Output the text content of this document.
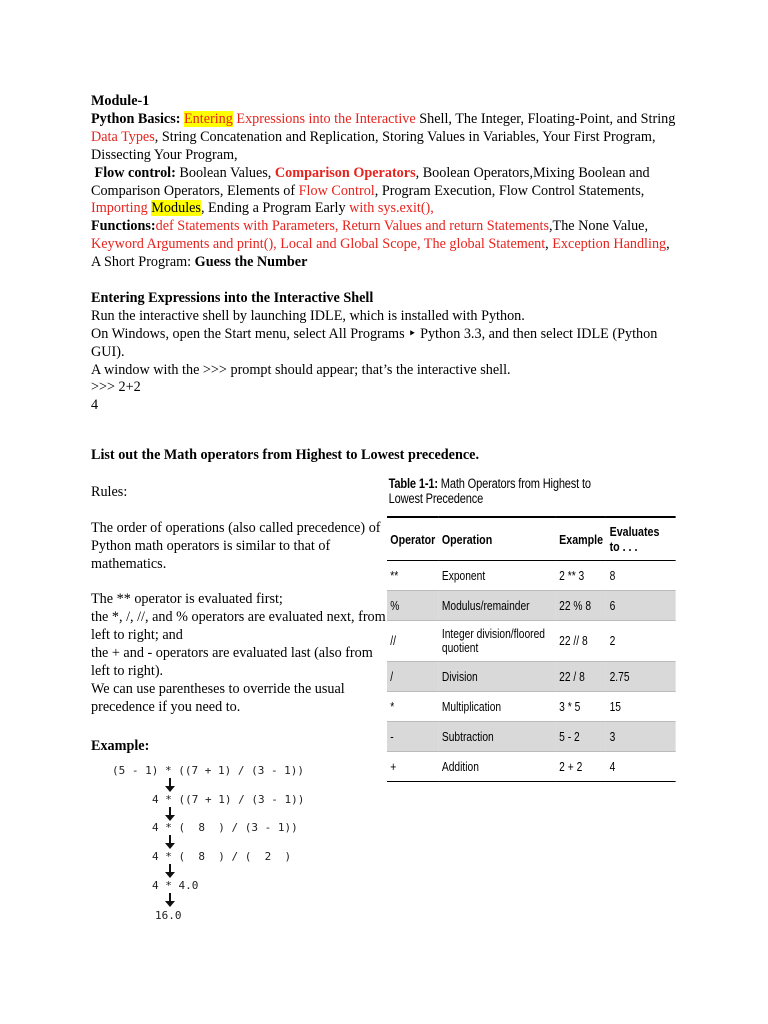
Module-1

Python Basics: Entering Expressions into the Interactive Shell, The Integer, Floating-Point, and String Data Types, String Concatenation and Replication, Storing Values in Variables, Your First Program, Dissecting Your Program,

Flow control: Boolean Values, Comparison Operators, Boolean Operators,Mixing Boolean and Comparison Operators, Elements of Flow Control, Program Execution, Flow Control Statements, Importing Modules, Ending a Program Early with sys.exit(),

Functions:def Statements with Parameters, Return Values and return Statements,The None Value, Keyword Arguments and print(), Local and Global Scope, The global Statement, Exception Handling, A Short Program: Guess the Number

Entering Expressions into the Interactive Shell

Run the interactive shell by launching IDLE, which is installed with Python.

On Windows, open the Start menu, select All Programs ‣ Python 3.3, and then select IDLE (Python GUI).

A window with the >>> prompt should appear; that’s the interactive shell.

>>> 2+2

4

List out the Math operators from Highest to Lowest precedence.

Rules:

The order of operations (also called precedence) of Python math operators is similar to that of mathematics.

The ** operator is evaluated first;

the *, /, //, and % operators are evaluated next, from left to right; and

the + and - operators are evaluated last (also from left to right).

We can use parentheses to override the usual precedence if you need to.

Table 1-1: Math Operators from Highest to Lowest Precedence
Operator	Operation	Example	Evaluates to . . .
**	Exponent	2 ** 3	8
%	Modulus/remainder	22 % 8	6
//	Integer division/floored quotient	22 // 8	2
/	Division	22 / 8	2.75
*	Multiplication	3 * 5	15
-	Subtraction	5 - 2	3
+	Addition	2 + 2	4
Example:
(5 - 1) * ((7 + 1) / (3 - 1))
4 * ((7 + 1) / (3 - 1))
4 * (  8  ) / (3 - 1))
4 * (  8  ) / (  2  )
4 * 4.0
16.0
